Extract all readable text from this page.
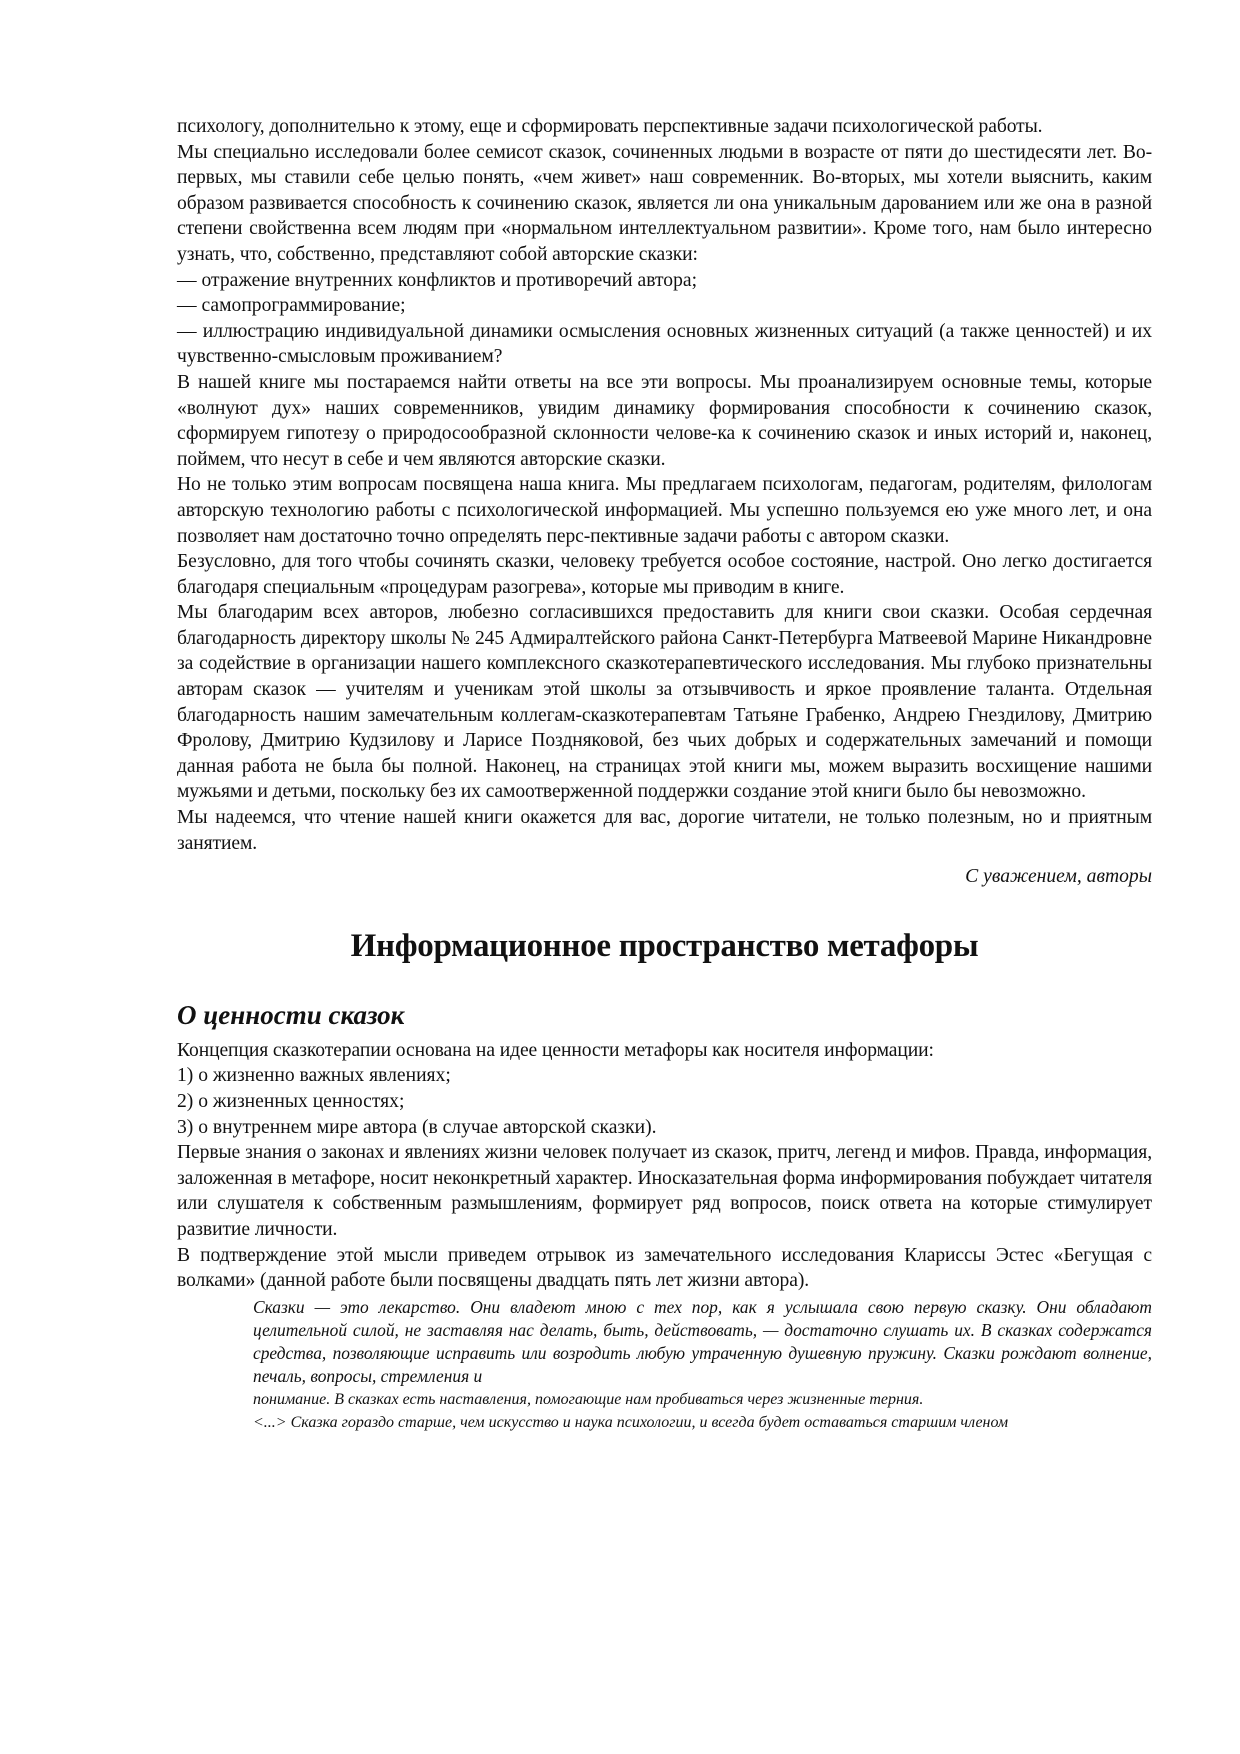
психологу, дополнительно к этому, еще и сформировать перспективные задачи психологической работы.

Мы специально исследовали более семисот сказок, сочиненных людьми в возрасте от пяти до шестидесяти лет. Во-первых, мы ставили себе целью понять, «чем живет» наш современник. Во-вторых, мы хотели выяснить, каким образом развивается способность к сочинению сказок, является ли она уникальным дарованием или же она в разной степени свойственна всем людям при «нормальном интеллектуальном развитии». Кроме того, нам было интересно узнать, что, собственно, представляют собой авторские сказки:

— отражение внутренних конфликтов и противоречий автора;

— самопрограммирование;

— иллюстрацию индивидуальной динамики осмысления основных жизненных ситуаций (а также ценностей) и их чувственно-смысловым проживанием?

В нашей книге мы постараемся найти ответы на все эти вопросы. Мы проанализируем основные темы, которые «волнуют дух» наших современников, увидим динамику формирования способности к сочинению сказок, сформируем гипотезу о природосообразной склонности челове-ка к сочинению сказок и иных историй и, наконец, поймем, что несут в себе и чем являются авторские сказки.

Но не только этим вопросам посвящена наша книга. Мы предлагаем психологам, педагогам, родителям, филологам авторскую технологию работы с психологической информацией. Мы успешно пользуемся ею уже много лет, и она позволяет нам достаточно точно определять перс-пективные задачи работы с автором сказки.

Безусловно, для того чтобы сочинять сказки, человеку требуется особое состояние, настрой. Оно легко достигается благодаря специальным «процедурам разогрева», которые мы приводим в книге.

Мы благодарим всех авторов, любезно согласившихся предоставить для книги свои сказки. Особая сердечная благодарность директору школы № 245 Адмиралтейского района Санкт-Петербурга Матвеевой Марине Никандровне за содействие в организации нашего комплексного сказкотерапевтического исследования. Мы глубоко признательны авторам сказок — учителям и ученикам этой школы за отзывчивость и яркое проявление таланта. Отдельная благодарность нашим замечательным коллегам-сказкотерапевтам Татьяне Грабенко, Андрею Гнездилову, Дмитрию Фролову, Дмитрию Кудзилову и Ларисе Поздняковой, без чьих добрых и содержательных замечаний и помощи данная работа не была бы полной. Наконец, на страницах этой книги мы, можем выразить восхищение нашими мужьями и детьми, поскольку без их самоотверженной поддержки создание этой книги было бы невозможно.

Мы надеемся, что чтение нашей книги окажется для вас, дорогие читатели, не только полезным, но и приятным занятием.

С уважением, авторы

Информационное пространство метафоры
О ценности сказок

Концепция сказкотерапии основана на идее ценности метафоры как носителя информации:

1) о жизненно важных явлениях;

2) о жизненных ценностях;

3) о внутреннем мире автора (в случае авторской сказки).

Первые знания о законах и явлениях жизни человек получает из сказок, притч, легенд и мифов. Правда, информация, заложенная в метафоре, носит неконкретный характер. Иносказательная форма информирования побуждает читателя или слушателя к собственным размышлениям, формирует ряд вопросов, поиск ответа на которые стимулирует развитие личности.

В подтверждение этой мысли приведем отрывок из замечательного исследования Клариссы Эстес «Бегущая с волками» (данной работе были посвящены двадцать пять лет жизни автора).

Сказки — это лекарство. Они владеют мною с тех пор, как я услышала свою первую сказку. Они обладают целительной силой, не заставляя нас делать, быть, действовать, — достаточно слушать их. В сказках содержатся средства, позволяющие исправить или возродить любую утраченную душевную пружину. Сказки рождают волнение, печаль, вопросы, стремления и

понимание. В сказках есть наставления, помогающие нам пробиваться через жизненные терния.

<...> Сказка гораздо старше, чем искусство и наука психологии, и всегда будет оставаться старшим членом
